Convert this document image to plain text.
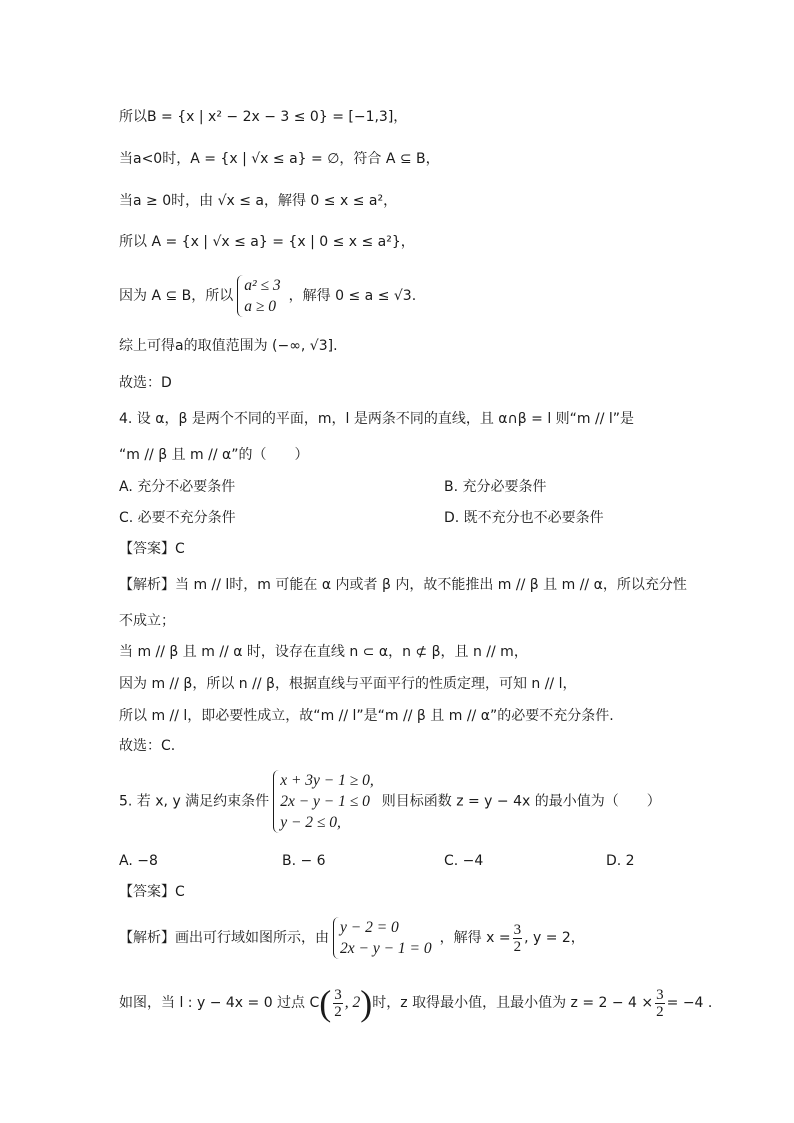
所以B = {x | x² − 2x − 3 ≤ 0} = [−1,3]，
当a<0时，A = {x | √x ≤ a} = ∅，符合 A ⊆ B，
当a ≥ 0时，由 √x ≤ a，解得 0 ≤ x ≤ a²，
所以 A = {x | √x ≤ a} = {x | 0 ≤ x ≤ a²}，
因为 A ⊆ B，所以
a² ≤ 3
a ≥ 0
，解得 0 ≤ a ≤ √3.
综上可得a的取值范围为 (−∞, √3].
故选：D
4. 设 α，β 是两个不同的平面，m，l 是两条不同的直线，且 α∩β = l 则“m // l”是
“m // β 且 m // α”的（　　）
A. 充分不必要条件	B. 充分必要条件
C. 必要不充分条件	D. 既不充分也不必要条件
【答案】C
【解析】当 m // l时，m 可能在 α 内或者 β 内，故不能推出 m // β 且 m // α，所以充分性
不成立；
当 m // β 且 m // α 时，设存在直线 n ⊂ α，n ⊄ β，且 n // m，
因为 m // β，所以 n // β，根据直线与平面平行的性质定理，可知 n // l，
所以 m // l，即必要性成立，故“m // l”是“m // β 且 m // α”的必要不充分条件.
故选：C.
5. 若 x, y 满足约束条件
x + 3y − 1 ≥ 0,
2x − y − 1 ≤ 0
y − 2 ≤ 0,
则目标函数 z = y − 4x 的最小值为（　　）
A. −8	B. − 6	C. −4	D. 2
【答案】C
【解析】画出可行域如图所示，由
y − 2 = 0
2x − y − 1 = 0
，解得 $x = \frac{3}{2}$ , y = 2，
如图，当 l : y − 4x = 0 过点 $C( \frac{3}{2}$ , 2)时，z 取得最小值，且最小值为 $z = 2 - 4 \times \frac{3}{2} = -4$ .
